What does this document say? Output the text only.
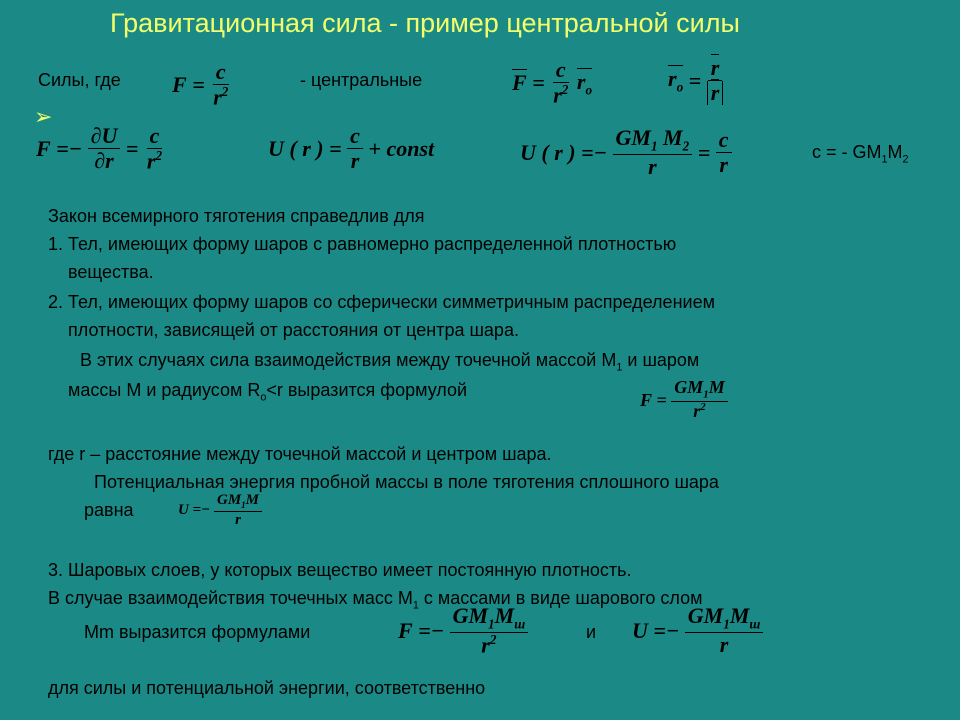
Гравитационная сила - пример центральной силы
Силы, где $F = \frac{c}{r^2}$	- центральные	$F = \frac{c}{r^2} r_o$	$r_o = \frac{r}{r}$
➢
$F =- \frac{\partial U}{\partial r} = \frac{c}{r^2}$	U ( r ) = $\frac{c}{r}$ + const	U ( r ) =− $\frac{GM_1 M_2}{r} = \frac{c}{r}$	c = - $GM_1M_2$
Закон всемирного тяготения справедлив для
1. Тел, имеющих форму шаров с равномерно распределенной плотностью
вещества.
2. Тел, имеющих форму шаров со сферически симметричным распределением
плотности, зависящей от расстояния от центра шара.
В этих случаях сила взаимодействия между точечной массой $М_1$ и шаром
массы М и радиусом $R_o<r$ выразится формулой	$F = \frac{GM_1M}{r^2}$
где r – расстояние между точечной массой и центром шара.
Потенциальная энергия пробной массы в поле тяготения сплошного шара
равна	$U =- \frac{GM_1M}{r}$
3. Шаровых слоев, у которых вещество имеет постоянную плотность.
В случае взаимодействия точечных масс $М_1$ с массами в виде шарового слом
Mm выразится формулами	$F =- \frac{GM_1M_ш}{r^2}$	и $U =- \frac{GM_1M_ш}{r}$
для силы и потенциальной энергии, соответственно
